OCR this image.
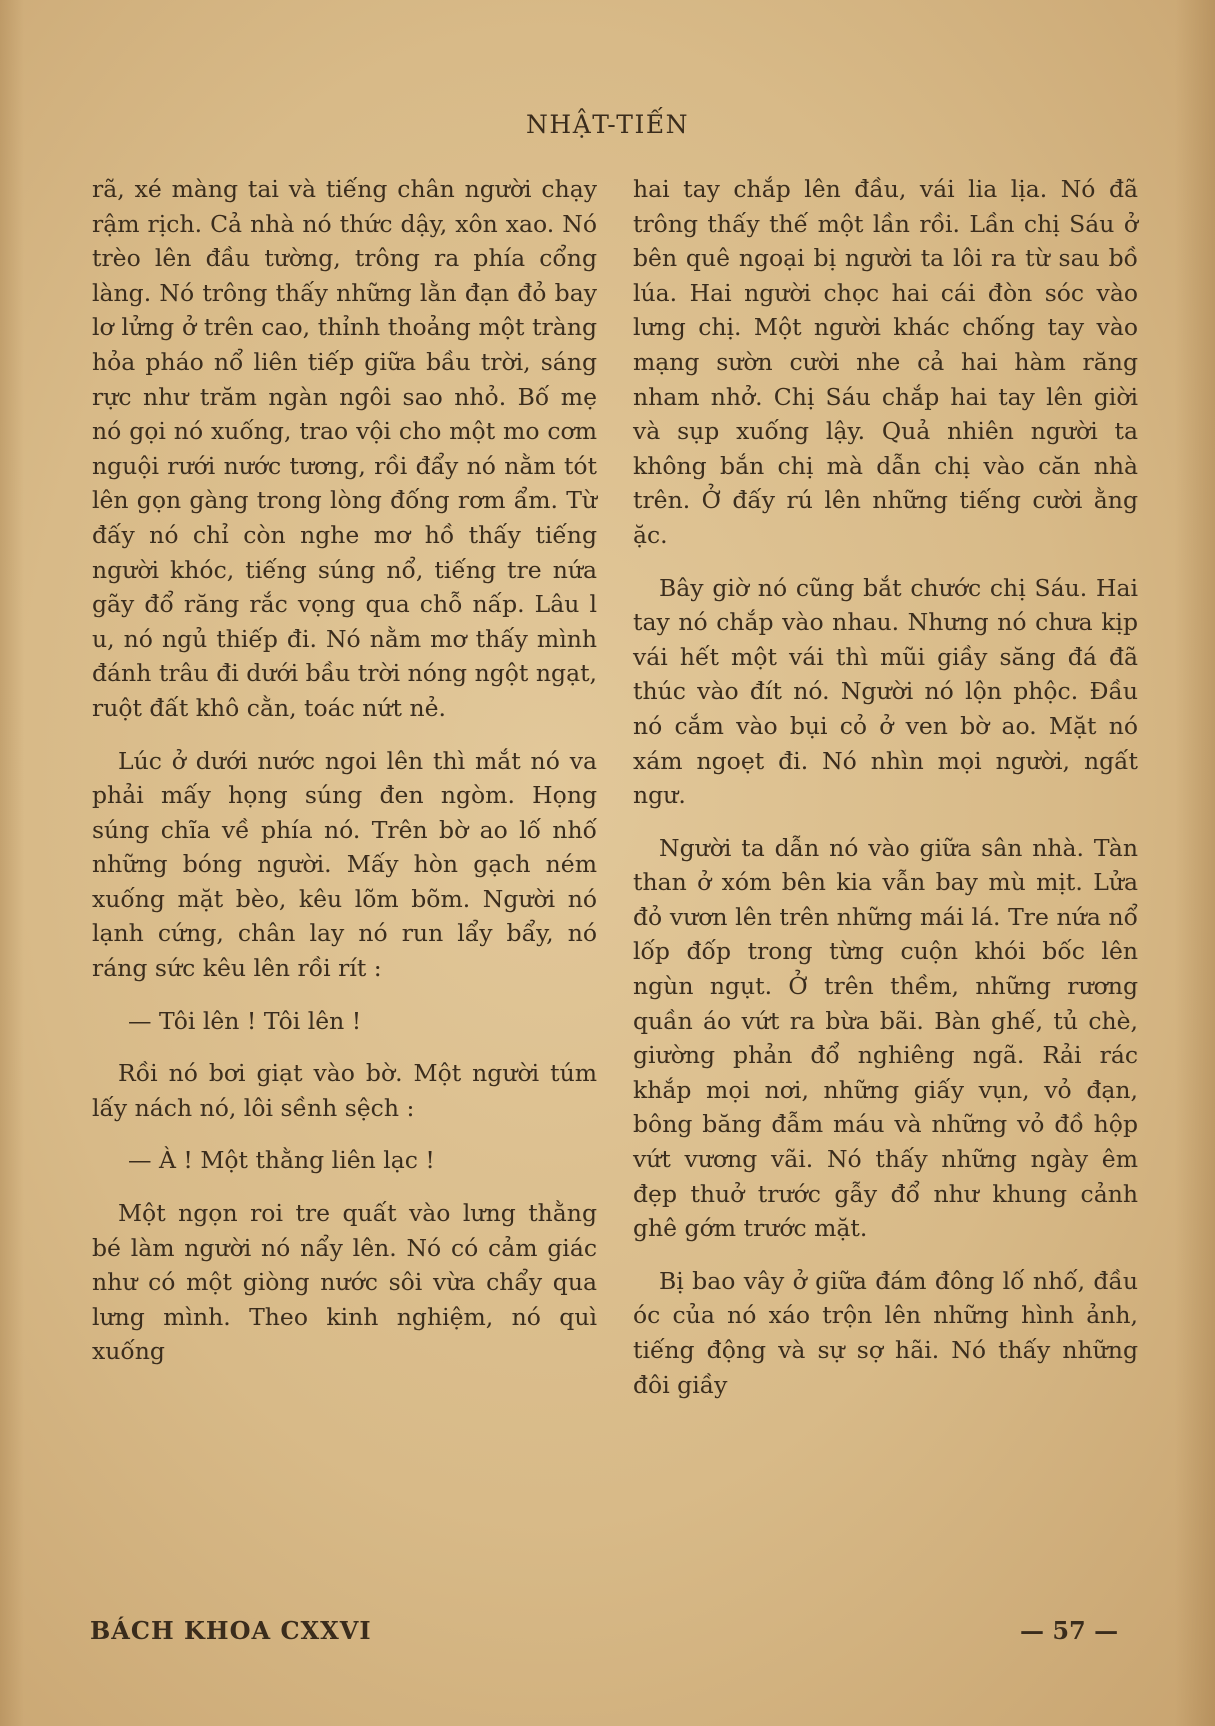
NHẬT-TIẾN

rã, xé màng tai và tiếng chân người chạy rậm rịch. Cả nhà nó thức dậy, xôn xao. Nó trèo lên đầu tường, trông ra phía cổng làng. Nó trông thấy những lằn đạn đỏ bay lơ lửng ở trên cao, thỉnh thoảng một tràng hỏa pháo nổ liên tiếp giữa bầu trời, sáng rực như trăm ngàn ngôi sao nhỏ. Bố mẹ nó gọi nó xuống, trao vội cho một mo cơm nguội rưới nước tương, rồi đẩy nó nằm tót lên gọn gàng trong lòng đống rơm ẩm. Từ đấy nó chỉ còn nghe mơ hồ thấy tiếng người khóc, tiếng súng nổ, tiếng tre nứa gãy đổ răng rắc vọng qua chỗ nấp. Lâu l u, nó ngủ thiếp đi. Nó nằm mơ thấy mình đánh trâu đi dưới bầu trời nóng ngột ngạt, ruột đất khô cằn, toác nứt nẻ.

Lúc ở dưới nước ngoi lên thì mắt nó va phải mấy họng súng đen ngòm. Họng súng chĩa về phía nó. Trên bờ ao lố nhố những bóng người. Mấy hòn gạch ném xuống mặt bèo, kêu lõm bõm. Người nó lạnh cứng, chân lay nó run lẩy bẩy, nó ráng sức kêu lên rồi rít :

— Tôi lên ! Tôi lên !

Rồi nó bơi giạt vào bờ. Một người túm lấy nách nó, lôi sềnh sệch :

— À ! Một thằng liên lạc !

Một ngọn roi tre quất vào lưng thằng bé làm người nó nẩy lên. Nó có cảm giác như có một giòng nước sôi vừa chẩy qua lưng mình. Theo kinh nghiệm, nó quì xuống

hai tay chắp lên đầu, vái lia lịa. Nó đã trông thấy thế một lần rồi. Lần chị Sáu ở bên quê ngoại bị người ta lôi ra từ sau bồ lúa. Hai người chọc hai cái đòn sóc vào lưng chị. Một người khác chống tay vào mạng sườn cười nhe cả hai hàm răng nham nhở. Chị Sáu chắp hai tay lên giời và sụp xuống lậy. Quả nhiên người ta không bắn chị mà dẫn chị vào căn nhà trên. Ở đấy rú lên những tiếng cười ằng ặc.

Bây giờ nó cũng bắt chước chị Sáu. Hai tay nó chắp vào nhau. Nhưng nó chưa kịp vái hết một vái thì mũi giầy săng đá đã thúc vào đít nó. Người nó lộn phộc. Đầu nó cắm vào bụi cỏ ở ven bờ ao. Mặt nó xám ngoẹt đi. Nó nhìn mọi người, ngất ngư.

Người ta dẫn nó vào giữa sân nhà. Tàn than ở xóm bên kia vẫn bay mù mịt. Lửa đỏ vươn lên trên những mái lá. Tre nứa nổ lốp đốp trong từng cuộn khói bốc lên ngùn ngụt. Ở trên thềm, những rương quần áo vứt ra bừa bãi. Bàn ghế, tủ chè, giường phản đổ nghiêng ngã. Rải rác khắp mọi nơi, những giấy vụn, vỏ đạn, bông băng đẫm máu và những vỏ đồ hộp vứt vương vãi. Nó thấy những ngày êm đẹp thuở trước gẫy đổ như khung cảnh ghê gớm trước mặt.

Bị bao vây ở giữa đám đông lố nhố, đầu óc của nó xáo trộn lên những hình ảnh, tiếng động và sự sợ hãi. Nó thấy những đôi giầy

BÁCH KHOA CXXVI	— 57 —
